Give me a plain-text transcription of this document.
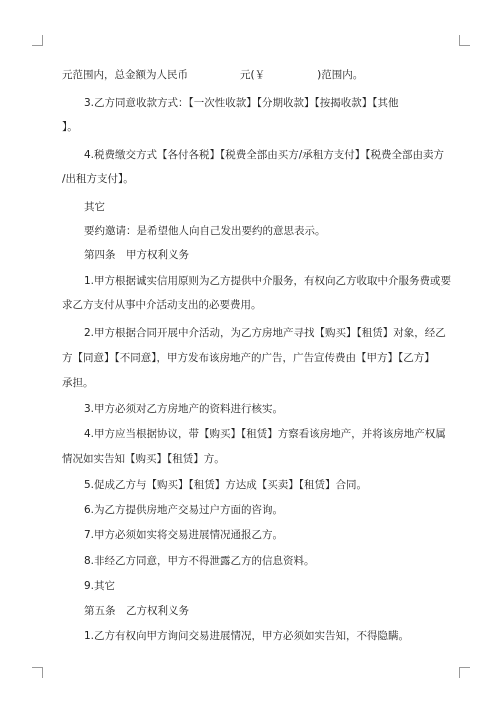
元范围内，总金额为人民币	元(￥	)范围内。
3.乙方同意收款方式：【一次性收款】【分期收款】【按揭收款】【其他
】。
4.税费缴交方式【各付各税】【税费全部由买方/承租方支付】【税费全部由卖方
/出租方支付】。
其它
要约邀请：是希望他人向自己发出要约的意思表示。
第四条　甲方权利义务
1.甲方根据诚实信用原则为乙方提供中介服务，有权向乙方收取中介服务费或要
求乙方支付从事中介活动支出的必要费用。
2.甲方根据合同开展中介活动，为乙方房地产寻找【购买】【租赁】对象，经乙
方【同意】【不同意】，甲方发布该房地产的广告，广告宣传费由【甲方】【乙方】
承担。
3.甲方必须对乙方房地产的资料进行核实。
4.甲方应当根据协议，带【购买】【租赁】方察看该房地产，并将该房地产权属
情况如实告知【购买】【租赁】方。
5.促成乙方与【购买】【租赁】方达成【买卖】【租赁】合同。
6.为乙方提供房地产交易过户方面的咨询。
7.甲方必须如实将交易进展情况通报乙方。
8.非经乙方同意，甲方不得泄露乙方的信息资料。
9.其它
第五条　乙方权利义务
1.乙方有权向甲方询问交易进展情况，甲方必须如实告知，不得隐瞒。
